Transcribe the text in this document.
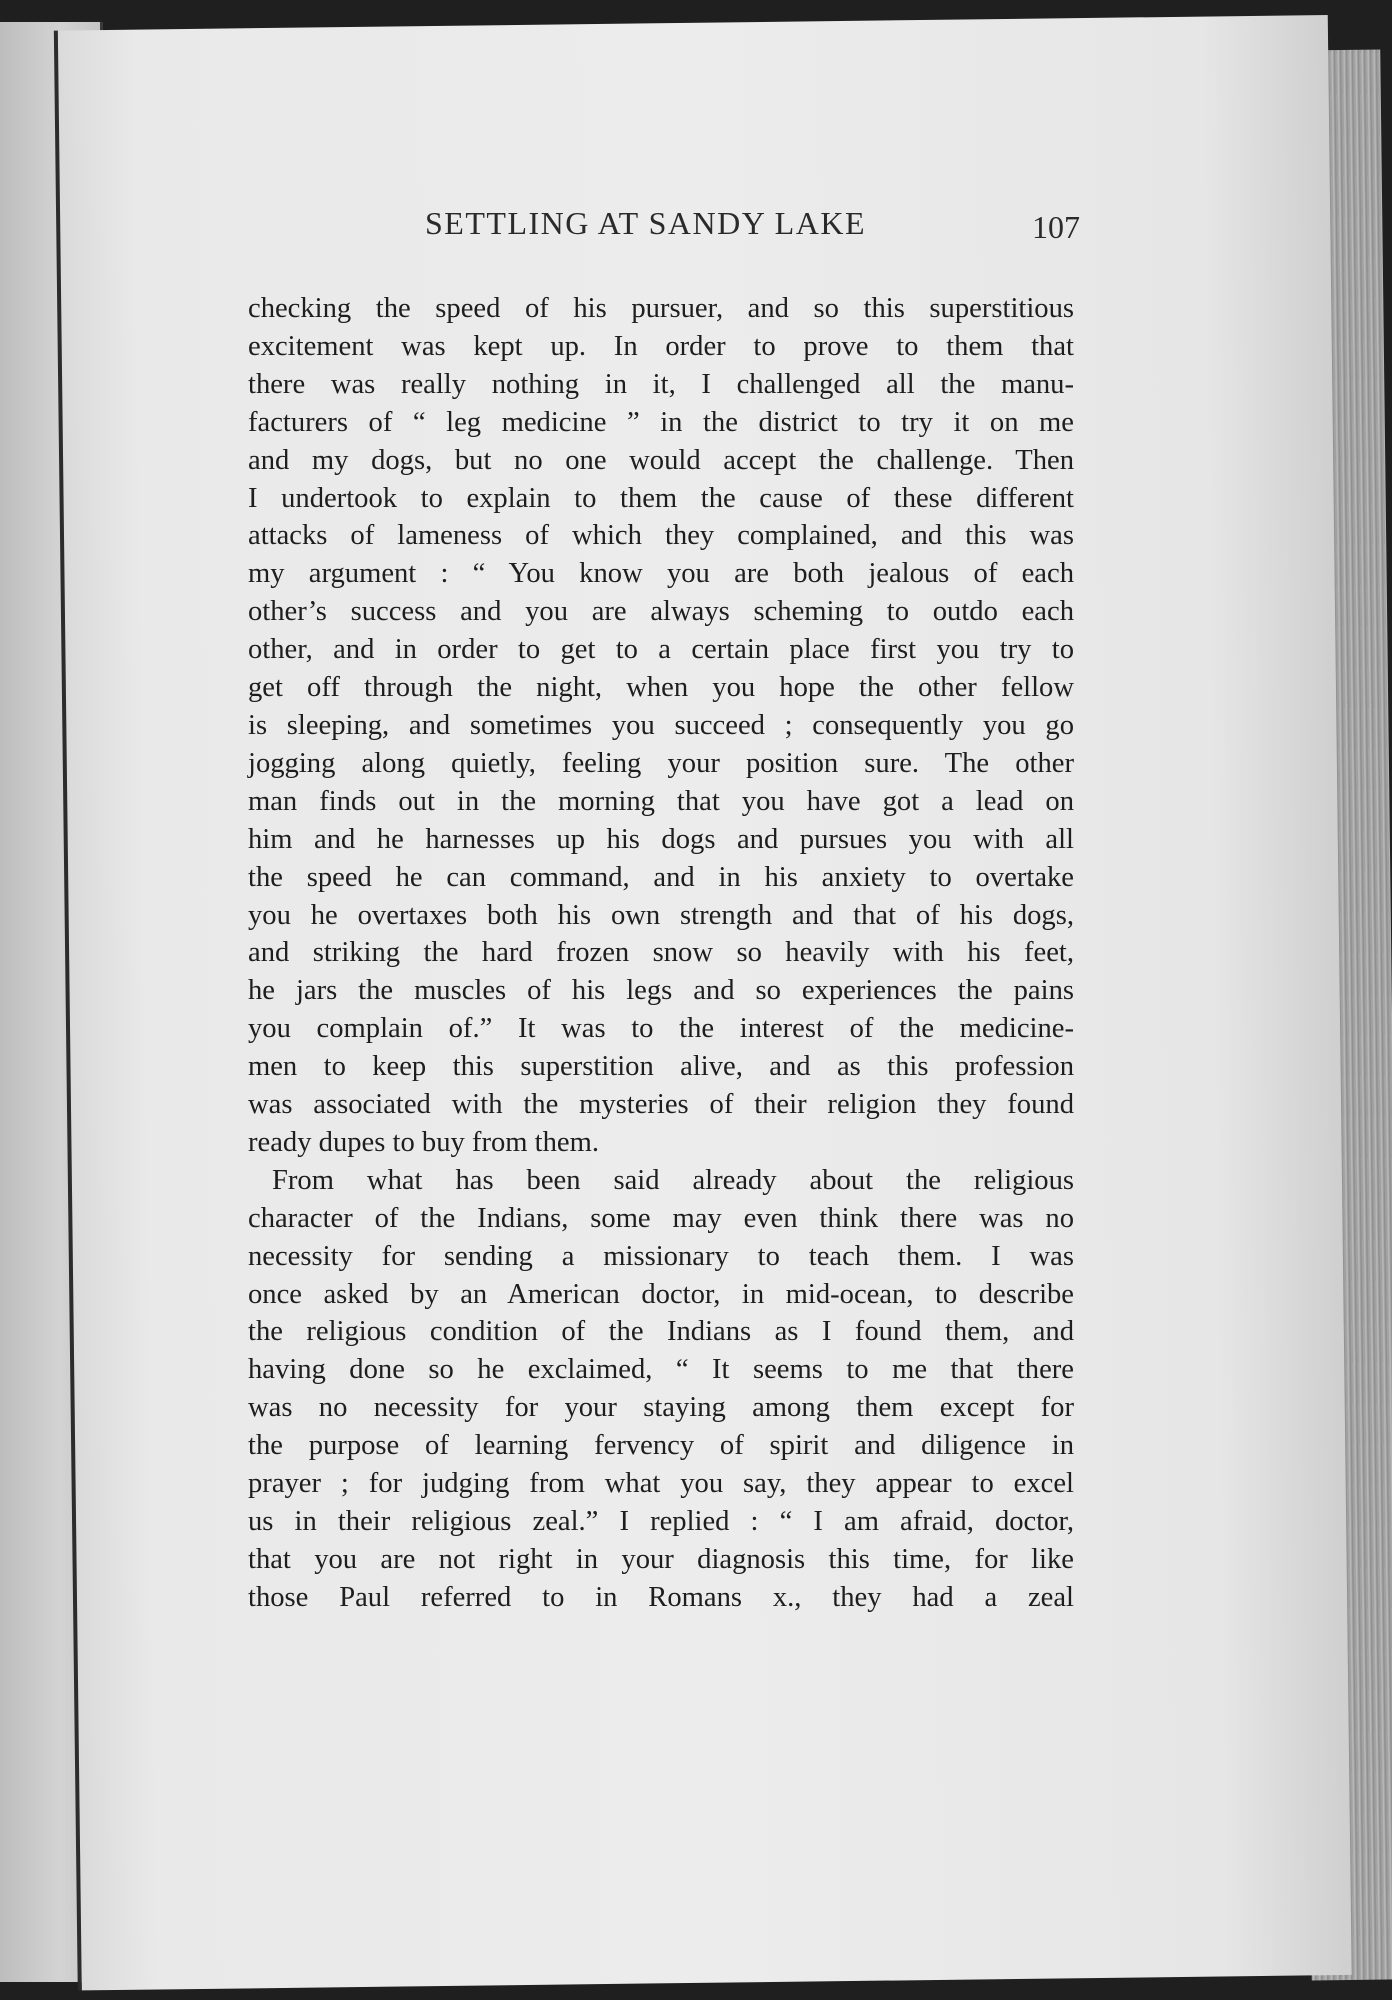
SETTLING AT SANDY LAKE	107
checking the speed of his pursuer, and so this superstitious
excitement was kept up. In order to prove to them that
there was really nothing in it, I challenged all the manu-
facturers of “ leg medicine ” in the district to try it on me
and my dogs, but no one would accept the challenge. Then
I undertook to explain to them the cause of these different
attacks of lameness of which they complained, and this was
my argument : “ You know you are both jealous of each
other’s success and you are always scheming to outdo each
other, and in order to get to a certain place first you try to
get off through the night, when you hope the other fellow
is sleeping, and sometimes you succeed ; consequently you go
jogging along quietly, feeling your position sure. The other
man finds out in the morning that you have got a lead on
him and he harnesses up his dogs and pursues you with all
the speed he can command, and in his anxiety to overtake
you he overtaxes both his own strength and that of his dogs,
and striking the hard frozen snow so heavily with his feet,
he jars the muscles of his legs and so experiences the pains
you complain of.” It was to the interest of the medicine-
men to keep this superstition alive, and as this profession
was associated with the mysteries of their religion they found
ready dupes to buy from them.
From what has been said already about the religious
character of the Indians, some may even think there was no
necessity for sending a missionary to teach them. I was
once asked by an American doctor, in mid-ocean, to describe
the religious condition of the Indians as I found them, and
having done so he exclaimed, “ It seems to me that there
was no necessity for your staying among them except for
the purpose of learning fervency of spirit and diligence in
prayer ; for judging from what you say, they appear to excel
us in their religious zeal.” I replied : “ I am afraid, doctor,
that you are not right in your diagnosis this time, for like
those Paul referred to in Romans x., they had a zeal
